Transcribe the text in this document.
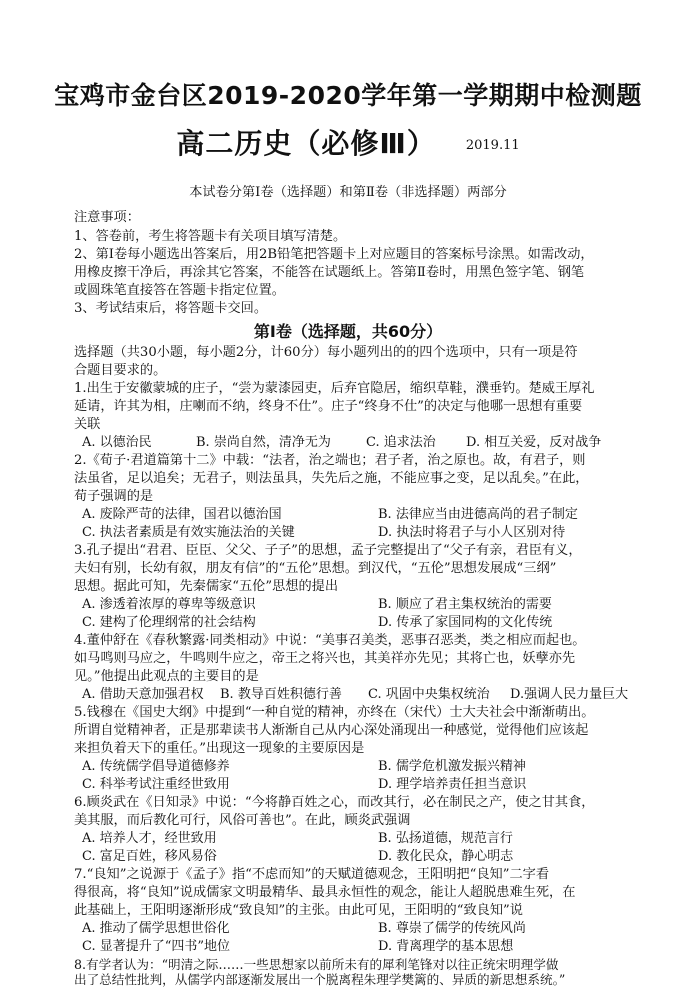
宝鸡市金台区2019-2020学年第一学期期中检测题
高二历史（必修Ⅲ） $^{2019.11}$
本试卷分第Ⅰ卷（选择题）和第Ⅱ卷（非选择题）两部分
注意事项：
1、答卷前，考生将答题卡有关项目填写清楚。
2、第Ⅰ卷每小题选出答案后，用2B铅笔把答题卡上对应题目的答案标号涂黑。如需改动，
用橡皮擦干净后，再涂其它答案，不能答在试题纸上。答第Ⅱ卷时，用黑色签字笔、钢笔
或圆珠笔直接答在答题卡指定位置。
3、考试结束后，将答题卡交回。
第Ⅰ卷（选择题，共60分）
选择题（共30小题，每小题2分，计60分）每小题列出的的四个选项中，只有一项是符
合题目要求的。
1.出生于安徽蒙城的庄子，“尝为蒙漆园吏，后弃官隐居，缩织草鞋，濮垂钓。楚威王厚礼
延请，许其为相，庄喇而不纳，终身不仕”。庄子“终身不仕”的决定与他哪一思想有重要
关联
A. 以德治民	B. 崇尚自然，清净无为	C. 追求法治 D. 相互关爱，反对战争
2.《荀子·君道篇第十二》中载：“法者，治之端也；君子者，治之原也。故，有君子，则
法虽省，足以追矣；无君子，则法虽具，失先后之施，不能应事之变，足以乱矣。”在此，
荀子强调的是
A. 废除严苛的法律，国君以德治国	B. 法律应当由进德高尚的君子制定
C. 执法者素质是有效实施法治的关键	D. 执法时将君子与小人区别对待
3.孔子提出“君君、臣臣、父父、子子”的思想，孟子完整提出了“父子有亲，君臣有义，
夫妇有别，长幼有叙，朋友有信”的“五伦”思想。到汉代，“五伦”思想发展成“三纲”
思想。据此可知，先秦儒家“五伦”思想的提出
A. 渗透着浓厚的尊卑等级意识	B. 顺应了君主集权统治的需要
C. 建构了伦理纲常的社会结构	D. 传承了家国同构的文化传统
4.董仲舒在《春秋繁露·同类相动》中说：“美事召美类，恶事召恶类，类之相应而起也。
如马鸣则马应之，牛鸣则牛应之，帝王之将兴也，其美祥亦先见；其将亡也，妖孽亦先
见。”他提出此观点的主要目的是
A. 借助天意加强君权 B. 教导百姓积德行善 C. 巩固中央集权统治 D.强调人民力量巨大
5.钱穆在《国史大纲》中提到“一种自觉的精神，亦终在（宋代）士大夫社会中渐渐萌出。
所谓自觉精神者，正是那辈读书人渐渐自己从内心深处涌现出一种感觉，觉得他们应该起
来担负着天下的重任。”出现这一现象的主要原因是
A. 传统儒学倡导道德修养	B. 儒学危机激发振兴精神
C. 科举考试注重经世致用	D. 理学培养责任担当意识
6.顾炎武在《日知录》中说：“今将静百姓之心，而改其行，必在制民之产，使之甘其食，
美其服，而后教化可行，风俗可善也”。在此，顾炎武强调
A. 培养人才，经世致用	B. 弘扬道德，规范言行
C. 富足百姓，移风易俗	D. 教化民众，静心明志
7.“良知”之说源于《孟子》指“不虑而知”的天赋道德观念，王阳明把“良知”二字看
得很高，将“良知”说成儒家文明最精华、最具永恒性的观念，能让人超脱患难生死，在
此基础上，王阳明逐渐形成“致良知”的主张。由此可见，王阳明的“致良知”说
A. 推动了儒学思想世俗化	B. 尊崇了儒学的传统风尚
C. 显著提升了“四书”地位	D. 背离理学的基本思想
8.有学者认为：“明清之际……一些思想家以前所未有的犀利笔锋对以往正统宋明理学做
出了总结性批判，从儒学内部逐渐发展出一个脱离程朱理学樊篱的、异质的新思想系统。”
